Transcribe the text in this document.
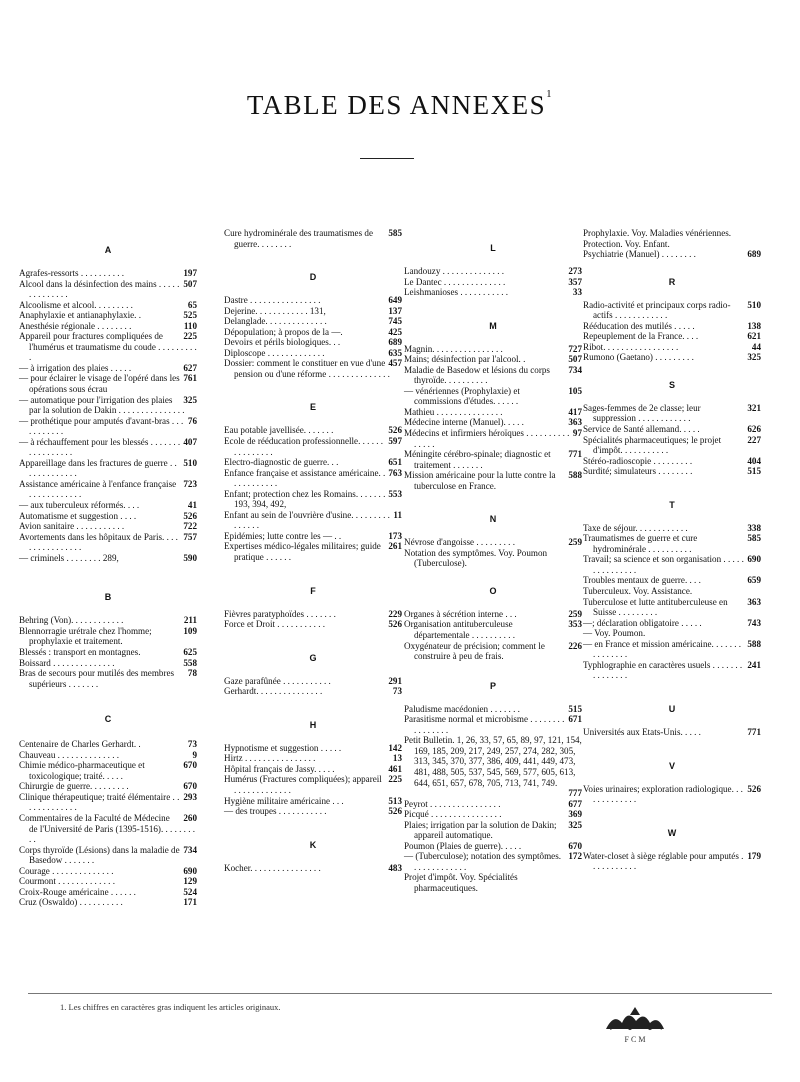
TABLE DES ANNEXES$^1$
A
197
Agrafes-ressorts . . . . . . . . . .
507
Alcool dans la désinfection des mains . . . . . . . . . . . . . .
65
Alcoolisme et alcool. . . . . . . . .
525
Anaphylaxie et antianaphylaxie. .
110
Anesthésie régionale . . . . . . . .
225
Appareil pour fractures compliquées de l'humérus et traumatisme du coude . . . . . . . . . .
627
— à irrigation des plaies . . . . .
761
— pour éclairer le visage de l'opéré dans les opérations sous écrau
325
— automatique pour l'irrigation des plaies par la solution de Dakin . . . . . . . . . . . . . . .
76
— prothétique pour amputés d'avant-bras . . . . . . . . . . .
407
— à réchauffement pour les blessés . . . . . . . . . . . . . . . . .
510
Appareillage dans les fractures de guerre . . . . . . . . . . . . .
723
Assistance américaine à l'enfance française . . . . . . . . . . . .
41
— aux tuberculeux réformés. . . .
526
Automatisme et suggestion . . . .
722
Avion sanitaire . . . . . . . . . . .
757
Avortements dans les hôpitaux de Paris. . . . . . . . . . . . . . . .
590
— criminels . . . . . . . . 289,
B
211
Behring (Von). . . . . . . . . . . .
109
Blennorragie urétrale chez l'homme; prophylaxie et traitement.
625
Blessés : transport en montagnes.
558
Boissard . . . . . . . . . . . . . .
78
Bras de secours pour mutilés des membres supérieurs . . . . . . .
C
73
Centenaire de Charles Gerhardt. .
9
Chauveau . . . . . . . . . . . . . .
670
Chimie médico-pharmaceutique et toxicologique; traité. . . . .
670
Chirurgie de guerre. . . . . . . . .
293
Clinique thérapeutique; traité élémentaire . . . . . . . . . . . . .
260
Commentaires de la Faculté de Médecine de l'Université de Paris (1395-1516). . . . . . . . . .
734
Corps thyroïde (Lésions) dans la maladie de Basedow . . . . . . .
690
Courage . . . . . . . . . . . . . .
129
Courmont . . . . . . . . . . . . .
524
Croix-Rouge américaine . . . . . .
171
Cruz (Oswaldo) . . . . . . . . . .
585
Cure hydrominérale des traumatismes de guerre. . . . . . . .
D
649
Dastre . . . . . . . . . . . . . . . .
137
Dejerine. . . . . . . . . . . . 131,
745
Delanglade. . . . . . . . . . . . . .
425
Dépopulation; à propos de la —.
689
Devoirs et périls biologiques. . .
635
Diploscope . . . . . . . . . . . . .
457
Dossier: comment le constituer en vue d'une pension ou d'une réforme . . . . . . . . . . . . . .
E
526
Eau potable javellisée. . . . . . .
597
Ecole de rééducation professionnelle. . . . . . . . . . . . . . .
651
Electro-diagnostic de guerre. . .
763
Enfance française et assistance américaine. . . . . . . . . . . .
553
Enfant; protection chez les Romains. . . . . . . 193, 394, 492,
11
Enfant au sein de l'ouvrière d'usine. . . . . . . . . . . . . . .
173
Epidémies; lutte contre les — . .
261
Expertises médico-légales militaires; guide pratique . . . . . .
F
229
Fièvres paratyphoïdes . . . . . . .
526
Force et Droit . . . . . . . . . . .
G
291
Gaze parafûnée . . . . . . . . . . .
73
Gerhardt. . . . . . . . . . . . . . .
H
142
Hypnotisme et suggestion . . . . .
13
Hirtz . . . . . . . . . . . . . . . .
461
Hôpital français de Jassy. . . . .
225
Humérus (Fractures compliquées); appareil . . . . . . . . . . . . .
513
Hygiène militaire américaine . . .
526
— des troupes . . . . . . . . . . .
K
483
Kocher. . . . . . . . . . . . . . . .
L
273
Landouzy . . . . . . . . . . . . . .
357
Le Dantec . . . . . . . . . . . . . .
33
Leishmanioses . . . . . . . . . . .
M
727
Magnin. . . . . . . . . . . . . . . .
507
Mains; désinfection par l'alcool. .
734
Maladie de Basedow et lésions du corps thyroïde. . . . . . . . . .
105
— vénériennes (Prophylaxie) et commissions d'études. . . . . .
417
Mathieu . . . . . . . . . . . . . . .
363
Médecine interne (Manuel). . . . .
97
Médecins et infirmiers héroïques . . . . . . . . . . . . . . .
771
Méningite cérébro-spinale; diagnostic et traitement . . . . . . .
588
Mission américaine pour la lutte contre la tuberculose en France.
N
259
Névrose d'angoisse . . . . . . . . .
Notation des symptômes. Voy. Poumon (Tuberculose).
O
259
Organes à sécrétion interne . . .
353
Organisation antituberculeuse départementale . . . . . . . . . .
226
Oxygénateur de précision; comment le construire à peu de frais.
P
515
Paludisme macédonien . . . . . . .
671
Parasitisme normal et microbisme . . . . . . . . . . . . . . . .
Petit Bulletin. 1, 26, 33, 57, 65, 89, 97, 121, 154, 169, 185, 209, 217, 249, 257, 274, 282, 305, 313, 345, 370, 377, 386, 409, 441, 449, 473, 481, 488, 505, 537, 545, 569, 577, 605, 613, 644, 651, 657, 678, 705, 713, 741, 749.
777
677
Peyrot . . . . . . . . . . . . . . . .
369
Picqué . . . . . . . . . . . . . . . .
325
Plaies; irrigation par la solution de Dakin; appareil automatique.
670
Poumon (Plaies de guerre). . . . .
172
— (Tuberculose); notation des symptômes. . . . . . . . . . . . .
Projet d'impôt. Voy. Spécialités pharmaceutiques.
Prophylaxie. Voy. Maladies vénériennes.
Protection. Voy. Enfant.
689
Psychiatrie (Manuel) . . . . . . . .
R
510
Radio-activité et principaux corps radio-actifs . . . . . . . . . . . .
138
Rééducation des mutilés . . . . .
621
Repeuplement de la France. . . .
44
Ribot. . . . . . . . . . . . . . . . .
325
Rumono (Gaetano) . . . . . . . . .
S
321
Sages-femmes de 2e classe; leur suppression . . . . . . . . . . . .
626
Service de Santé allemand. . . . .
227
Spécialités pharmaceutiques; le projet d'impôt. . . . . . . . . . .
404
Stéréo-radioscopie . . . . . . . . .
515
Surdité; simulateurs . . . . . . . .
T
338
Taxe de séjour. . . . . . . . . . . .
585
Traumatismes de guerre et cure hydrominérale . . . . . . . . . .
690
Travail; sa science et son organisation . . . . . . . . . . . . . . .
659
Troubles mentaux de guerre. . . .
Tuberculeux. Voy. Assistance.
363
Tuberculose et lutte antituberculeuse en Suisse . . . . . . . . .
743
—; déclaration obligatoire . . . . .
— Voy. Poumon.
588
— en France et mission américaine. . . . . . . . . . . . . . .
241
Typhlographie en caractères usuels . . . . . . . . . . . . . . .
U
771
Universités aux Etats-Unis. . . . .
V
526
Voies urinaires; exploration radiologique. . . . . . . . . . . . .
W
179
Water-closet à siège réglable pour amputés . . . . . . . . . . .
1. Les chiffres en caractères gras indiquent les articles originaux.
F C M
